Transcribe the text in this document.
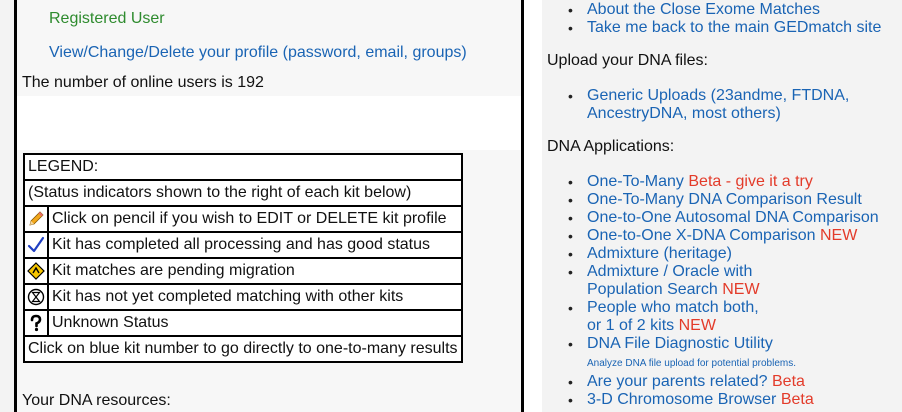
Registered User
View/Change/Delete your profile (password, email, groups)
The number of online users is 192
LEGEND:	
(Status indicators shown to the right of each kit below)	
	Click on pencil if you wish to EDIT or DELETE kit profile
	Kit has completed all processing and has good status
	Kit matches are pending migration
	Kit has not yet completed matching with other kits
	Unknown Status
Click on blue kit number to go directly to one-to-many results	
Your DNA resources:
• About the Close Exome Matches
• Take me back to the main GEDmatch site
Upload your DNA files:
• Generic Uploads (23andme, FTDNA,
AncestryDNA, most others)
DNA Applications:
• One-To-Many Beta - give it a try
• One-To-Many DNA Comparison Result
• One-to-One Autosomal DNA Comparison
• One-to-One X-DNA Comparison NEW
• Admixture (heritage)
• Admixture / Oracle with
Population Search NEW
• People who match both,
or 1 of 2 kits NEW
• DNA File Diagnostic Utility
Analyze DNA file upload for potential problems.
• Are your parents related? Beta
• 3-D Chromosome Browser Beta
